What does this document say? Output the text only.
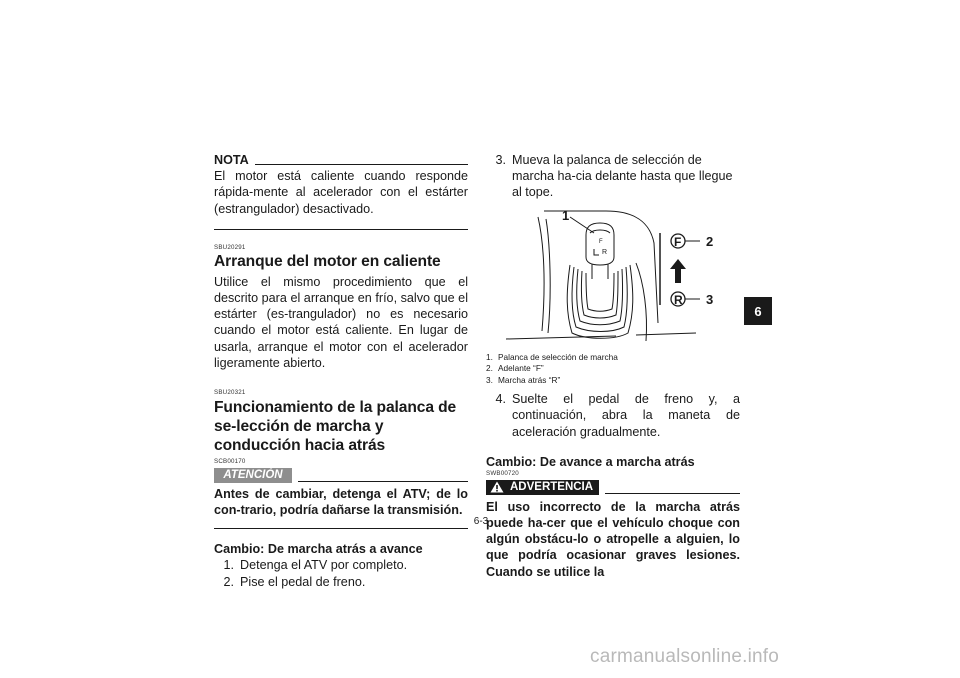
NOTA

El motor está caliente cuando responde rápida-mente al acelerador con el estárter (estrangulador) desactivado.

SBU20291
Arranque del motor en caliente

Utilice el mismo procedimiento que el descrito para el arranque en frío, salvo que el estárter (es-trangulador) no es necesario cuando el motor está caliente. En lugar de usarla, arranque el motor con el acelerador ligeramente abierto.

SBU20321
Funcionamiento de la palanca de se-lección de marcha y conducción hacia atrás
SCB00170
ATENCIÓN

Antes de cambiar, detenga el ATV; de lo con-trario, podría dañarse la transmisión.

Cambio: De marcha atrás a avance
1. Detenga el ATV por completo.
2. Pise el pedal de freno.
3. Mueva la palanca de selección de marcha ha-cia delante hasta que llegue al tope.
F
R
1
F 2
R 3
1. Palanca de selección de marcha
2. Adelante “F”
3. Marcha atrás “R”
4. Suelte el pedal de freno y, a continuación, abra la maneta de aceleración gradualmente.
Cambio: De avance a marcha atrás
SWB00720
ADVERTENCIA

El uso incorrecto de la marcha atrás puede ha-cer que el vehículo choque con algún obstácu-lo o atropelle a alguien, lo que podría ocasionar graves lesiones. Cuando se utilice la

6-3
6
carmanualsonline.info
